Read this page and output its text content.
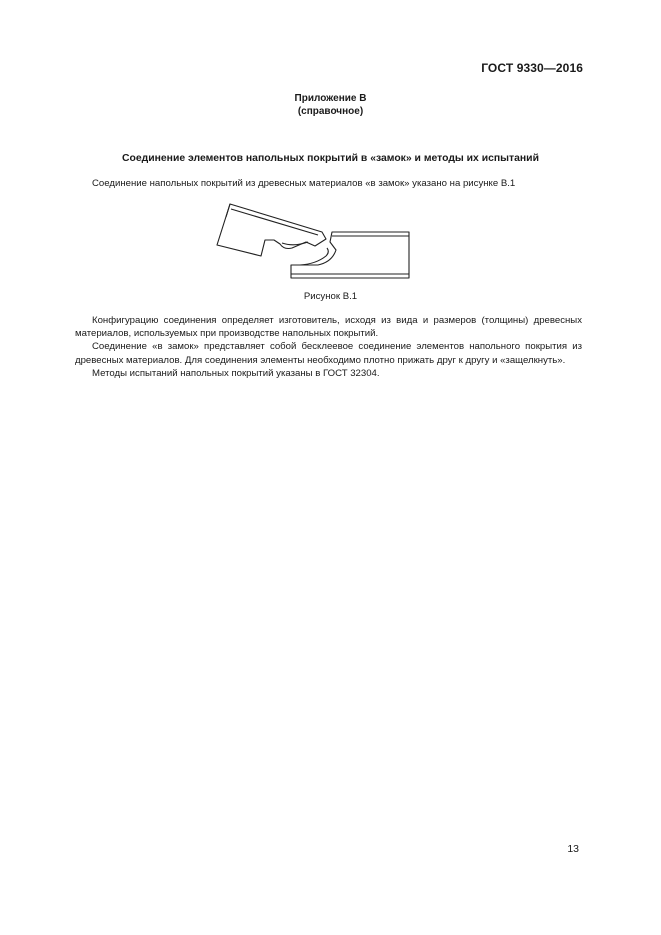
ГОСТ 9330—2016
Приложение В
(справочное)
Соединение элементов напольных покрытий в «замок» и методы их испытаний
Соединение напольных покрытий из древесных материалов «в замок» указано на рисунке В.1
Рисунок В.1

Конфигурацию соединения определяет изготовитель, исходя из вида и размеров (толщины) древесных материалов, используемых при производстве напольных покрытий.

Соединение «в замок» представляет собой бесклеевое соединение элементов напольного покрытия из древесных материалов. Для соединения элементы необходимо плотно прижать друг к другу и «защелкнуть».

Методы испытаний напольных покрытий указаны в ГОСТ 32304.

13
